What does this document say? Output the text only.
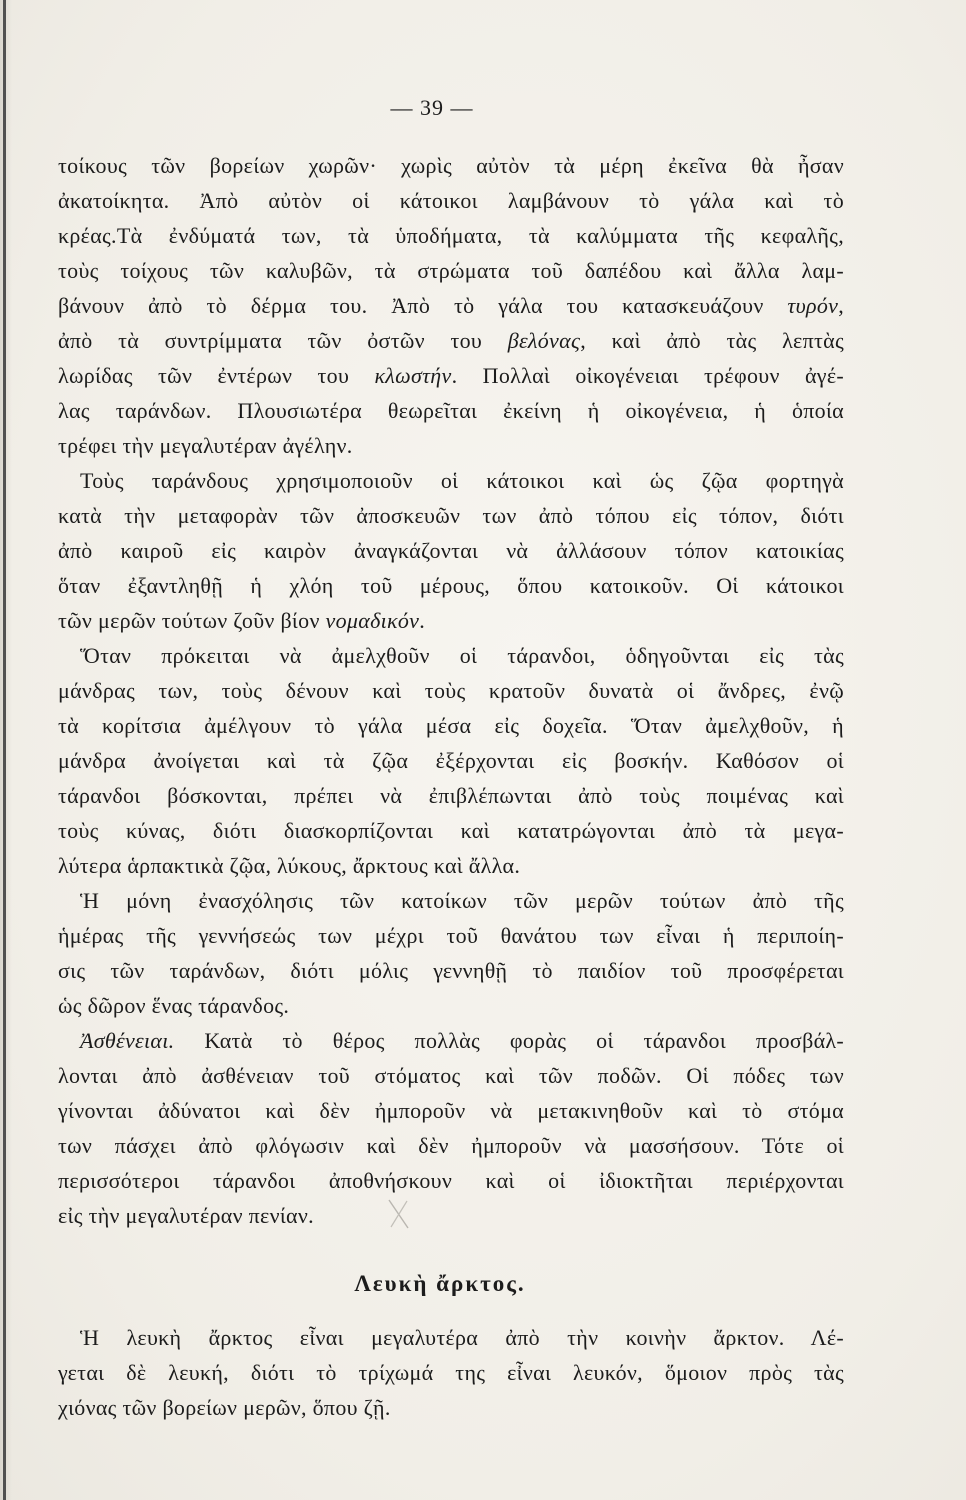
— 39 —
τοίκους τῶν βορείων χωρῶν· χωρὶς αὐτὸν τὰ μέρη ἐκεῖνα θὰ ἦσαν
ἀκατοίκητα. Ἀπὸ αὐτὸν οἱ κάτοικοι λαμβάνουν τὸ γάλα καὶ τὸ
κρέας.Τὰ ἐνδύματά των, τὰ ὑποδήματα, τὰ καλύμματα τῆς κεφαλῆς,
τοὺς τοίχους τῶν καλυβῶν, τὰ στρώματα τοῦ δαπέδου καὶ ἄλλα λαμ-
βάνουν ἀπὸ τὸ δέρμα του. Ἀπὸ τὸ γάλα του κατασκευάζουν τυρόν,
ἀπὸ τὰ συντρίμματα τῶν ὀστῶν του βελόνας, καὶ ἀπὸ τὰς λεπτὰς
λωρίδας τῶν ἐντέρων του κλωστήν. Πολλαὶ οἰκογένειαι τρέφουν ἀγέ-
λας ταράνδων. Πλουσιωτέρα θεωρεῖται ἐκείνη ἡ οἰκογένεια, ἡ ὁποία
τρέφει τὴν μεγαλυτέραν ἀγέλην.
Τοὺς ταράνδους χρησιμοποιοῦν οἱ κάτοικοι καὶ ὡς ζῷα φορτηγὰ
κατὰ τὴν μεταφορὰν τῶν ἀποσκευῶν των ἀπὸ τόπου εἰς τόπον, διότι
ἀπὸ καιροῦ εἰς καιρὸν ἀναγκάζονται νὰ ἀλλάσουν τόπον κατοικίας
ὅταν ἐξαντληθῇ ἡ χλόη τοῦ μέρους, ὅπου κατοικοῦν. Οἱ κάτοικοι
τῶν μερῶν τούτων ζοῦν βίον νομαδικόν.
Ὅταν πρόκειται νὰ ἀμελχθοῦν οἱ τάρανδοι, ὁδηγοῦνται εἰς τὰς
μάνδρας των, τοὺς δένουν καὶ τοὺς κρατοῦν δυνατὰ οἱ ἄνδρες, ἐνῷ
τὰ κορίτσια ἀμέλγουν τὸ γάλα μέσα εἰς δοχεῖα. Ὅταν ἀμελχθοῦν, ἡ
μάνδρα ἀνοίγεται καὶ τὰ ζῷα ἐξέρχονται εἰς βοσκήν. Καθόσον οἱ
τάρανδοι βόσκονται, πρέπει νὰ ἐπιβλέπωνται ἀπὸ τοὺς ποιμένας καὶ
τοὺς κύνας, διότι διασκορπίζονται καὶ κατατρώγονται ἀπὸ τὰ μεγα-
λύτερα ἁρπακτικὰ ζῷα, λύκους, ἄρκτους καὶ ἄλλα.
Ἡ μόνη ἐνασχόλησις τῶν κατοίκων τῶν μερῶν τούτων ἀπὸ τῆς
ἡμέρας τῆς γεννήσεώς των μέχρι τοῦ θανάτου των εἶναι ἡ περιποίη-
σις τῶν ταράνδων, διότι μόλις γεννηθῇ τὸ παιδίον τοῦ προσφέρεται
ὡς δῶρον ἕνας τάρανδος.
Ἀσθένειαι. Κατὰ τὸ θέρος πολλὰς φορὰς οἱ τάρανδοι προσβάλ-
λονται ἀπὸ ἀσθένειαν τοῦ στόματος καὶ τῶν ποδῶν. Οἱ πόδες των
γίνονται ἀδύνατοι καὶ δὲν ἠμποροῦν νὰ μετακινηθοῦν καὶ τὸ στόμα
των πάσχει ἀπὸ φλόγωσιν καὶ δὲν ἠμποροῦν νὰ μασσήσουν. Τότε οἱ
περισσότεροι τάρανδοι ἀποθνήσκουν καὶ οἱ ἰδιοκτῆται περιέρχονται
εἰς τὴν μεγαλυτέραν πενίαν.
Λευκὴ ἄρκτος.
Ἡ λευκὴ ἄρκτος εἶναι μεγαλυτέρα ἀπὸ τὴν κοινὴν ἄρκτον. Λέ-
γεται δὲ λευκή, διότι τὸ τρίχωμά της εἶναι λευκόν, ὅμοιον πρὸς τὰς
χιόνας τῶν βορείων μερῶν, ὅπου ζῇ.
